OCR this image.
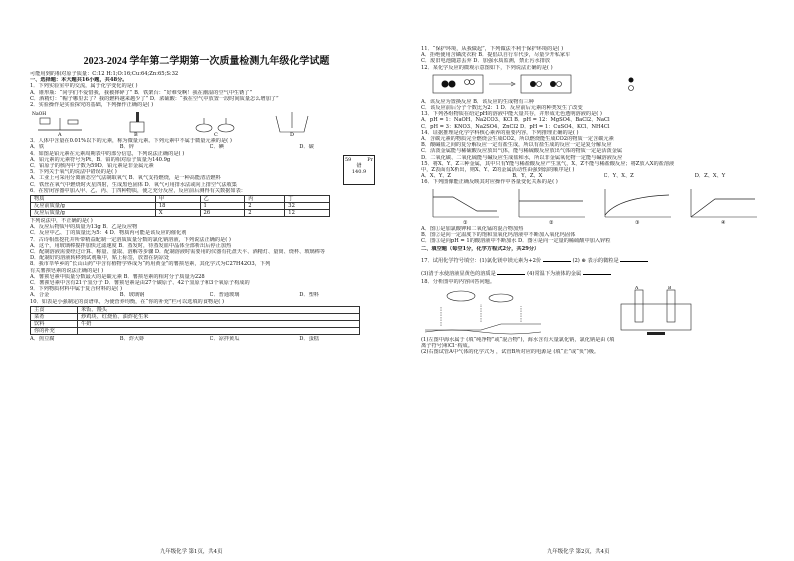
2023-2024 学年第二学期第一次质量检测九年级化学试题
可能用到的相对原子质量：C:12 H:1;O:16;Cu:64;Zn:65;S:32
一、选择题：本大题共16小题，共48分。
1．下列实验室中的交流，属于化学变化的是( )
A．锥形瓶：“同学们不爱惜我，我被摔碎了” B．铁架台：“好难受啊！我在潮湿的空气中生锈了”
C．酒精灯：“帽子哪里去了？我的燃料越来越少了” D．浓硫酸：“我在空气中放置一段时间质量怎么增加了”
2．实验操作是实验探究的基础，下列操作正确的是( )
NaOH
A	B	C	D
3．人体中含量在0.01%以下的元素，称为微量元素。下列元素中不属于微量元素的是( )
A．铁	B．锌	C．碘	D．碳
4．如图是铂元素在元素周期表中的部分信息，下列说法正确的是( )
A．铂元素的元素符号为Pt，B．铂的相对原子质量为140.9g
C．铂原子的核内中子数为59D．铂元素是非金属元素
59	Pr
镨
140.9
5．下列关于氧气的说法中错误的是( )
A．工业上可采用分离液态空气法制取氧气 B．氧气支持燃烧，是一种高能清洁燃料
C．铁丝在氧气中燃烧时火星四射，生成黑色固体 D．氧气可用排水法或向上排空气法收集
6．在密闭容器中加入甲、乙、丙、丁四种物质，使之充分反应，反应前后测得有关数据如表：
物质	甲	乙	丙	丁
反应前质量/g	18	1	2	32
反应后质量/g	X	26	2	12
下列说法中，不正确的是( )
A．反应后物质甲的质量为13g B．乙是反应物
C．反应中乙、丁的质量比为5：4 D．物质丙可能是该反应的催化剂
7．古诗相盘挖托并所带精益配制一定溶质质量分数的氯化钠溶液，下列说法正确的是( )
A．这个，用玻璃棒搅拌加快过滤速度 B．蒸发时，待蒸发皿中晶体全部析出后停止加热
C．配制溶液需要经过计算、称量、量取、溶解等步骤 D．配制溶液时需要用的仪器有托盘天平、酒精灯、量筒、烧杯、玻璃棒等
D．配制好的溶液转移到试剂瓶中，贴上标签，放置在阴凉处
8．我市莘华乡的“长山山药”中含有植物学界成为“药用黄金”的薯蓣皂素，其化学式为C27H42O3，下列
有关薯蓣皂素的说法正确的是( )
A．薯蓣皂素中质量分数最大的是碳元素 B．薯蓣皂素的相对分子质量为228
C．薯蓣皂素中含有21个氢分子 D．薯蓣皂素是由27个碳原子、42个氢原子和3个氧原子构成的
9．下列物质材料中属于复合材料的是( )
A．合金	B．玻璃钢	C．普通玻璃	D．塑料
10．如表是小强制定的食谱单，为使营养均衡，在“你的补充”栏可以选填的食物是( )
主食	米饭、馒头
菜肴	炒鸡块、红烧鱼、油炸花生米
饮料	牛奶
你的补充	
A．煎豆腐	B．炸大虾	C．凉拌黄瓜	D．蛋糕
九年级化学 第1页，共4页
11．“保护环境，从我做起”，下列做法不利于保护环境的是( )
A．拒绝使用含磷洗衣粉 B．提倡以自行车代步，尽量少开私家车
C．废旧电池随意丢弃 D．加强水质监测，禁止污水排放
12．某化学反应的微观示意图如下，下列说法正确的是( )
A．该反应为置换反应 B．该反应的生成物有三种
C．该反应前后分子个数比为2：1 D．反应前后元素的种类发生了改变
13．下列各组物质在给定pH的溶液中能大量共存，并形成无色透明溶液的是( )
A．pH = 1：NaOH、Na2CO3、KCl B．pH = 12：MgSO4、BaCl2、NaCl
C．pH = 3：KNO3、Na2SO4、ZnCl2 D．pH = 1：CuSO4、KCl、NH4Cl
14．证据推理是化学学科核心素养的重要内容，下列推理正确的是( )
A．含碳元素的物质完全燃烧会生成CO2，所以燃烧能生成CO2的物质一定含碳元素
B．酸碱盐之间的复分解反应一定有盐生成，所以有盐生成的反应一定是复分解反应
C．活泼金属能与稀硫酸反应放出气体，能与稀硫酸反应放出气体的物质一定是活泼金属
D．二氧化碳、二氧化硫能与碱反应生成盐和水，所以非金属氧化物一定能与碱溶液反应
15．将X、Y、Z三种金属，其中只有Y能与稀盐酸反应产生氢气，X、Z不能与稀盐酸反应；将Z放入X的盐溶液
中，Z表面有X析出，则X、Y、Z的金属活动性由强到弱的顺序是( )
A．X、Y、Z	B．Y、Z、X	C．Y、X、Z	D．Z、X、Y
16．下列图像能正确反映其对应操作中各量变化关系的是( )
①	②	③	④
A．图①是加氯酸钾和二氧化锰的混合物加热
B．图②是向一定温度下的饱和氢氧化钙溶液中不断加入氧化钙固体
C．图③是向pH = 1的酸溶液中不断加水 D．图④是向一定量的稀硫酸中加入锌粒
二、填空题（每空1分，化学方程式2分，共29分）
17．试用化学符号填空：(1)氯化镁中镁元素为+2价	(2) ⊕ 表示的微粒是
(3)清于水使溶液显黄色的溶质是	(4)常温下为液体的金属
18．分析图中的内容回答问题。
A	B
(1)左图中海水属于 (填“纯净物”或“混合物”)，海水含有大量氯化钠，氯化钠是由 (填
离子符号)和Cl⁻构成。
(2)右图试管A中气体的化学式为 ，试管B所对应的电源是 (填“正”或“负”)极。
九年级化学 第2页，共4页
